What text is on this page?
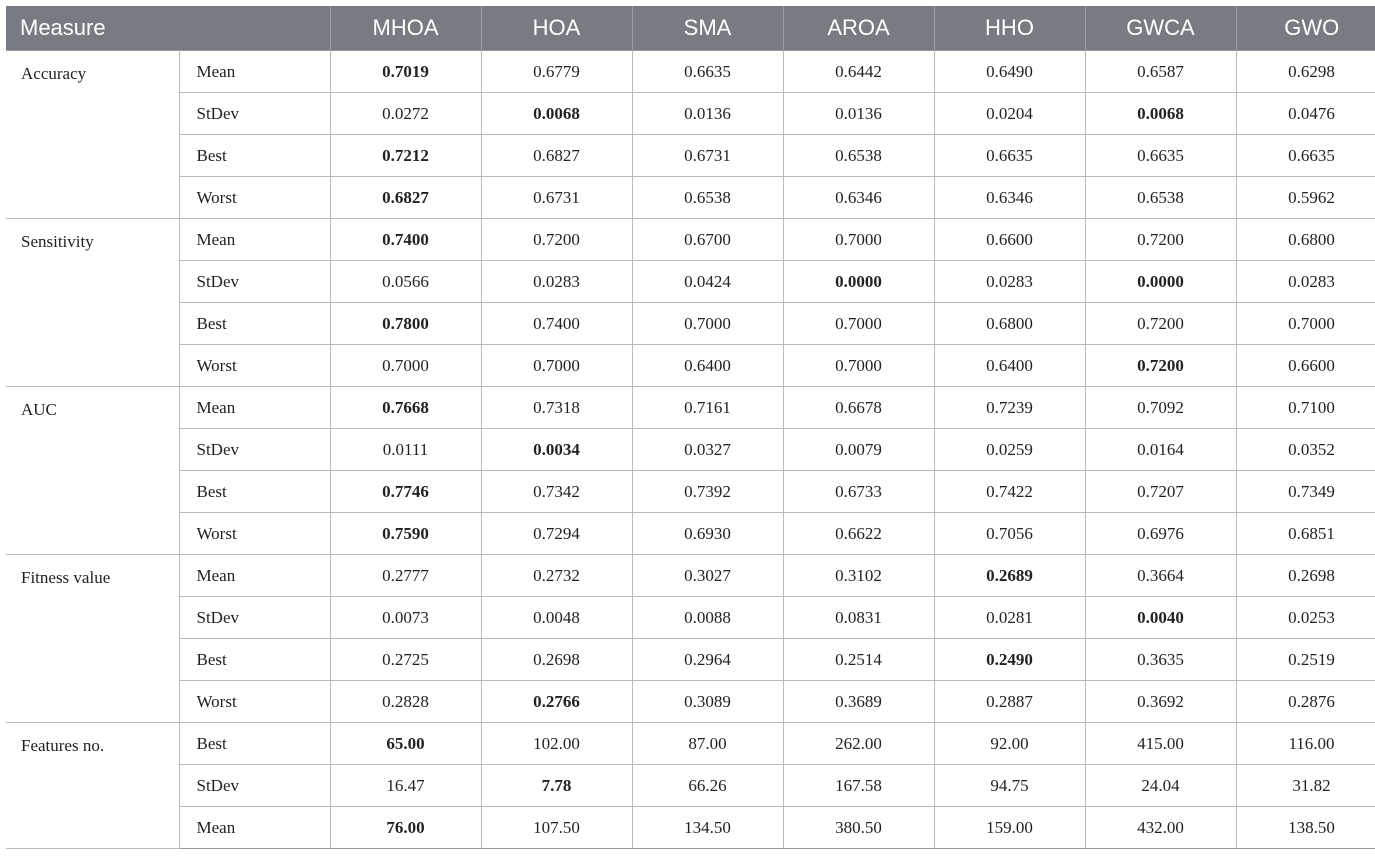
Measure		MHOA	HOA	SMA	AROA	HHO	GWCA	GWO
Accuracy	Mean	0.7019	0.6779	0.6635	0.6442	0.6490	0.6587	0.6298
	StDev	0.0272	0.0068	0.0136	0.0136	0.0204	0.0068	0.0476
	Best	0.7212	0.6827	0.6731	0.6538	0.6635	0.6635	0.6635
	Worst	0.6827	0.6731	0.6538	0.6346	0.6346	0.6538	0.5962
Sensitivity	Mean	0.7400	0.7200	0.6700	0.7000	0.6600	0.7200	0.6800
	StDev	0.0566	0.0283	0.0424	0.0000	0.0283	0.0000	0.0283
	Best	0.7800	0.7400	0.7000	0.7000	0.6800	0.7200	0.7000
	Worst	0.7000	0.7000	0.6400	0.7000	0.6400	0.7200	0.6600
AUC	Mean	0.7668	0.7318	0.7161	0.6678	0.7239	0.7092	0.7100
	StDev	0.0111	0.0034	0.0327	0.0079	0.0259	0.0164	0.0352
	Best	0.7746	0.7342	0.7392	0.6733	0.7422	0.7207	0.7349
	Worst	0.7590	0.7294	0.6930	0.6622	0.7056	0.6976	0.6851
Fitness value	Mean	0.2777	0.2732	0.3027	0.3102	0.2689	0.3664	0.2698
	StDev	0.0073	0.0048	0.0088	0.0831	0.0281	0.0040	0.0253
	Best	0.2725	0.2698	0.2964	0.2514	0.2490	0.3635	0.2519
	Worst	0.2828	0.2766	0.3089	0.3689	0.2887	0.3692	0.2876
Features no.	Best	65.00	102.00	87.00	262.00	92.00	415.00	116.00
	StDev	16.47	7.78	66.26	167.58	94.75	24.04	31.82
	Mean	76.00	107.50	134.50	380.50	159.00	432.00	138.50
